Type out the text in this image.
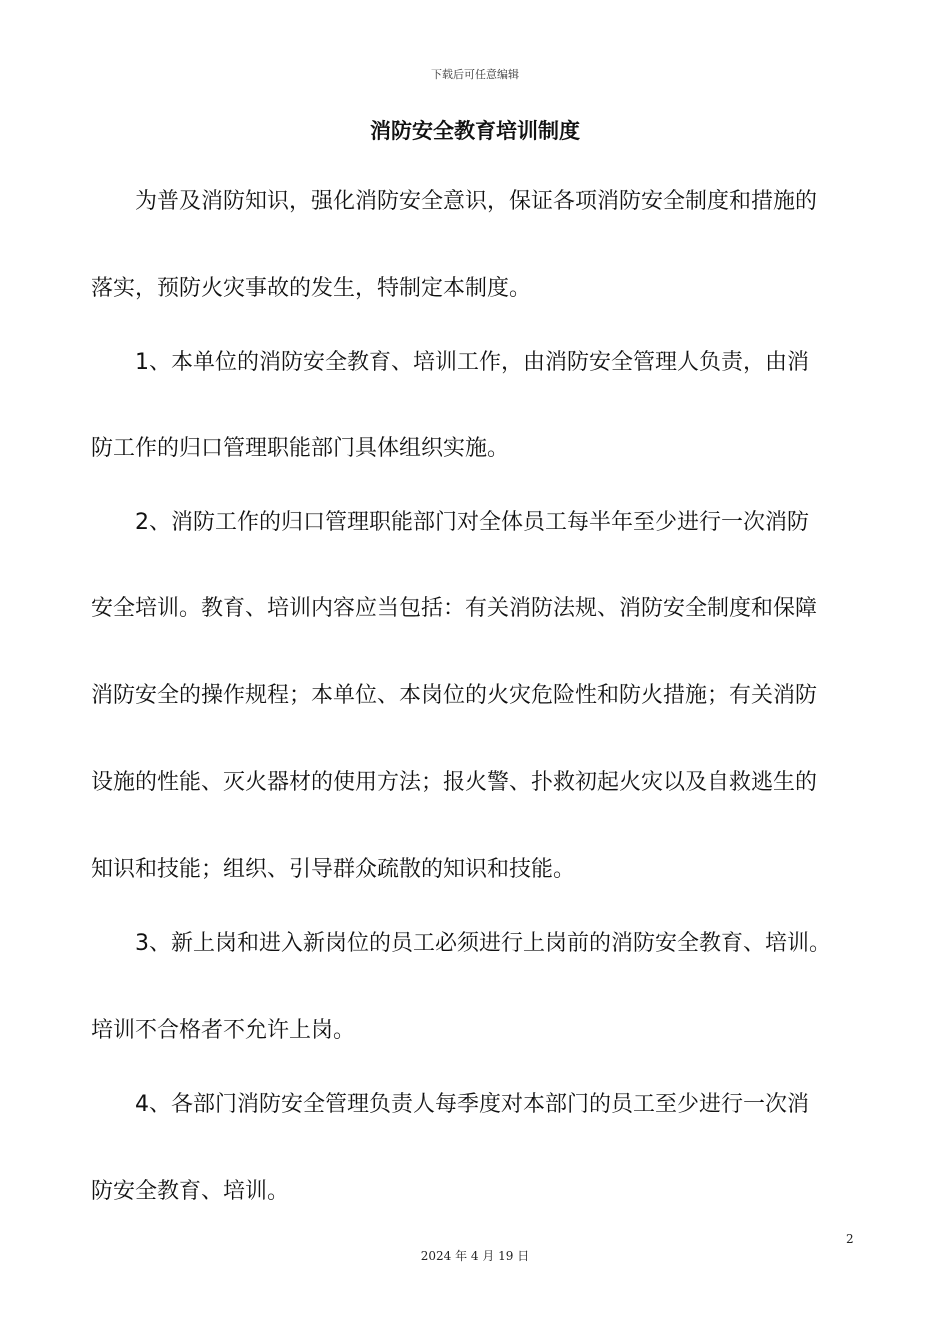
下载后可任意编辑
消防安全教育培训制度
为普及消防知识，强化消防安全意识，保证各项消防安全制度和措施的
落实，预防火灾事故的发生，特制定本制度。
1、本单位的消防安全教育、培训工作，由消防安全管理人负责，由消
防工作的归口管理职能部门具体组织实施。
2、消防工作的归口管理职能部门对全体员工每半年至少进行一次消防
安全培训。教育、培训内容应当包括：有关消防法规、消防安全制度和保障
消防安全的操作规程；本单位、本岗位的火灾危险性和防火措施；有关消防
设施的性能、灭火器材的使用方法；报火警、扑救初起火灾以及自救逃生的
知识和技能；组织、引导群众疏散的知识和技能。
3、新上岗和进入新岗位的员工必须进行上岗前的消防安全教育、培训。
培训不合格者不允许上岗。
4、各部门消防安全管理负责人每季度对本部门的员工至少进行一次消
防安全教育、培训。
2
2024 年 4 月 19 日
